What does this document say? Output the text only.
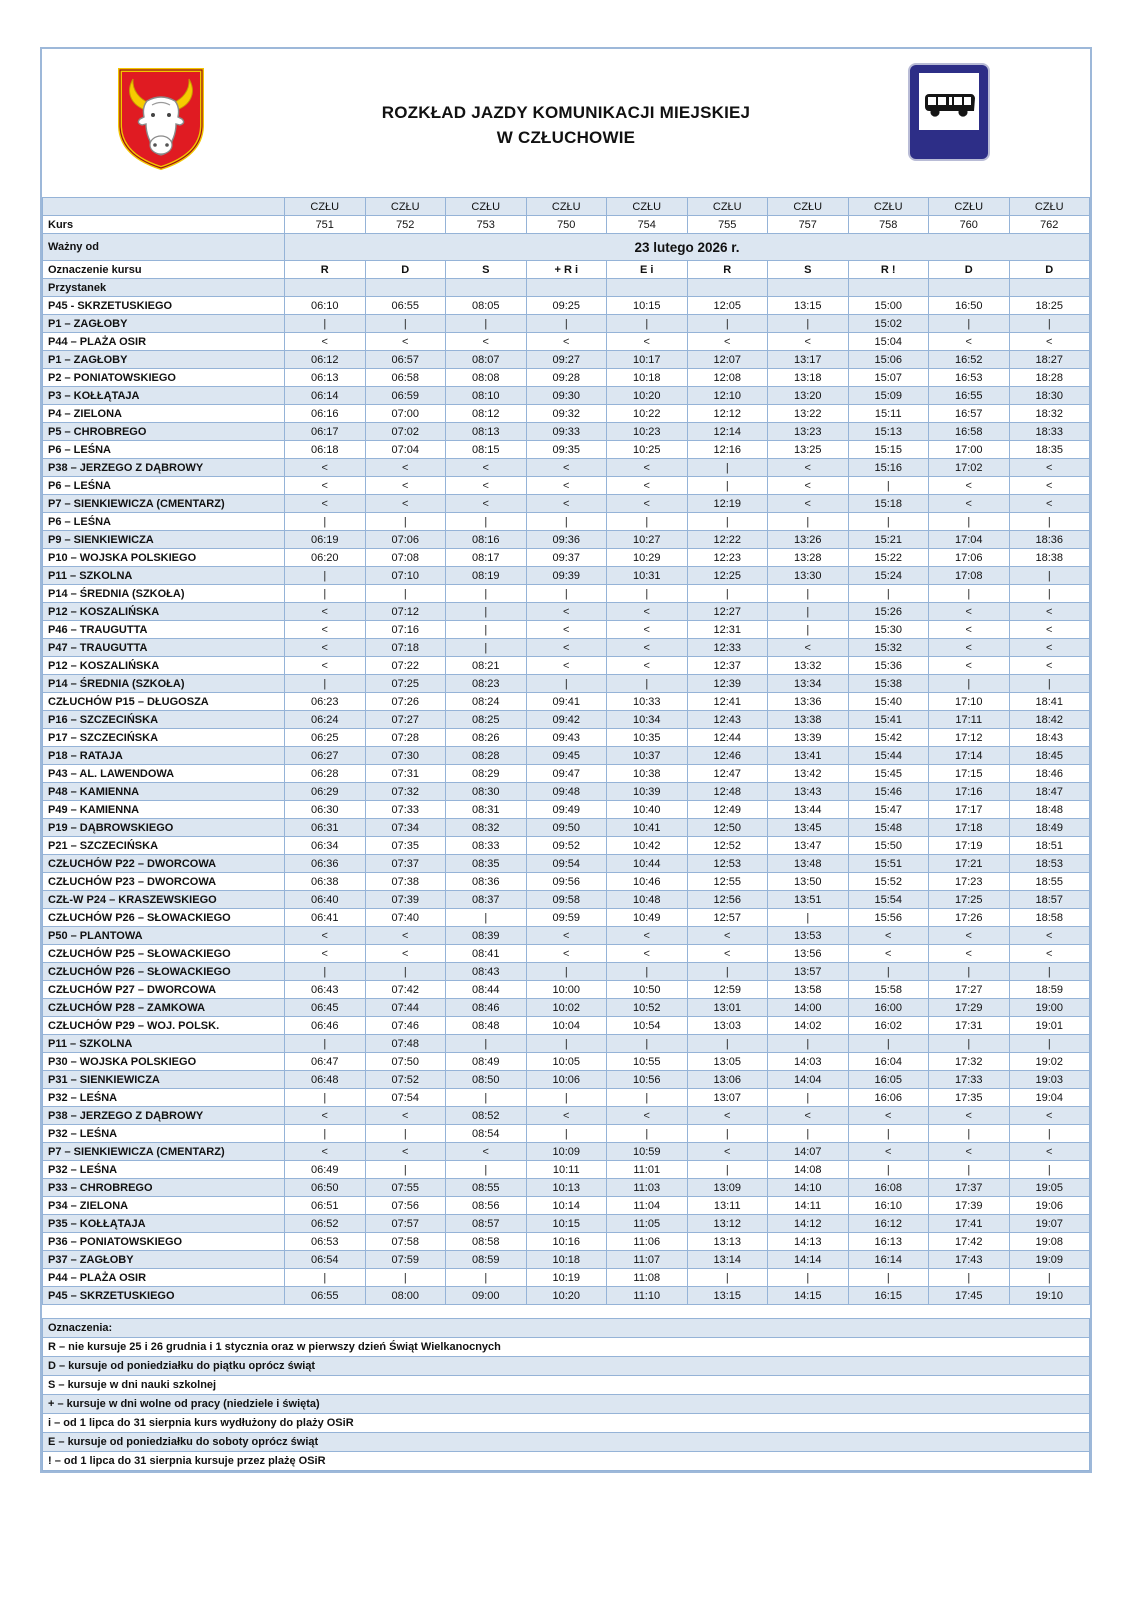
ROZKŁAD JAZDY KOMUNIKACJI MIEJSKIEJ
W CZŁUCHOWIE
	CZŁU	CZŁU	CZŁU	CZŁU	CZŁU	CZŁU	CZŁU	CZŁU	CZŁU	CZŁU
Kurs	751	752	753	750	754	755	757	758	760	762
Ważny od	23 lutego 2026 r.									
Oznaczenie kursu	R	D	S	+ R i	E i	R	S	R !	D	D
Przystanek										
P45 - SKRZETUSKIEGO	06:10	06:55	08:05	09:25	10:15	12:05	13:15	15:00	16:50	18:25
P1 – ZAGŁOBY	|	|	|	|	|	|	|	15:02	|	|
P44 – PLAŻA OSIR	<	<	<	<	<	<	<	15:04	<	<
P1 – ZAGŁOBY	06:12	06:57	08:07	09:27	10:17	12:07	13:17	15:06	16:52	18:27
P2 – PONIATOWSKIEGO	06:13	06:58	08:08	09:28	10:18	12:08	13:18	15:07	16:53	18:28
P3 – KOŁŁĄTAJA	06:14	06:59	08:10	09:30	10:20	12:10	13:20	15:09	16:55	18:30
P4 – ZIELONA	06:16	07:00	08:12	09:32	10:22	12:12	13:22	15:11	16:57	18:32
P5 – CHROBREGO	06:17	07:02	08:13	09:33	10:23	12:14	13:23	15:13	16:58	18:33
P6 – LEŚNA	06:18	07:04	08:15	09:35	10:25	12:16	13:25	15:15	17:00	18:35
P38 – JERZEGO Z DĄBROWY	<	<	<	<	<	|	<	15:16	17:02	<
P6 – LEŚNA	<	<	<	<	<	|	<	|	<	<
P7 – SIENKIEWICZA (CMENTARZ)	<	<	<	<	<	12:19	<	15:18	<	<
P6 – LEŚNA	|	|	|	|	|	|	|	|	|	|
P9 – SIENKIEWICZA	06:19	07:06	08:16	09:36	10:27	12:22	13:26	15:21	17:04	18:36
P10 – WOJSKA POLSKIEGO	06:20	07:08	08:17	09:37	10:29	12:23	13:28	15:22	17:06	18:38
P11 – SZKOLNA	|	07:10	08:19	09:39	10:31	12:25	13:30	15:24	17:08	|
P14 – ŚREDNIA (SZKOŁA)	|	|	|	|	|	|	|	|	|	|
P12 – KOSZALIŃSKA	<	07:12	|	<	<	12:27	|	15:26	<	<
P46 – TRAUGUTTA	<	07:16	|	<	<	12:31	|	15:30	<	<
P47 – TRAUGUTTA	<	07:18	|	<	<	12:33	<	15:32	<	<
P12 – KOSZALIŃSKA	<	07:22	08:21	<	<	12:37	13:32	15:36	<	<
P14 – ŚREDNIA (SZKOŁA)	|	07:25	08:23	|	|	12:39	13:34	15:38	|	|
CZŁUCHÓW P15 – DŁUGOSZA	06:23	07:26	08:24	09:41	10:33	12:41	13:36	15:40	17:10	18:41
P16 – SZCZECIŃSKA	06:24	07:27	08:25	09:42	10:34	12:43	13:38	15:41	17:11	18:42
P17 – SZCZECIŃSKA	06:25	07:28	08:26	09:43	10:35	12:44	13:39	15:42	17:12	18:43
P18 – RATAJA	06:27	07:30	08:28	09:45	10:37	12:46	13:41	15:44	17:14	18:45
P43 – AL. LAWENDOWA	06:28	07:31	08:29	09:47	10:38	12:47	13:42	15:45	17:15	18:46
P48 – KAMIENNA	06:29	07:32	08:30	09:48	10:39	12:48	13:43	15:46	17:16	18:47
P49 – KAMIENNA	06:30	07:33	08:31	09:49	10:40	12:49	13:44	15:47	17:17	18:48
P19 – DĄBROWSKIEGO	06:31	07:34	08:32	09:50	10:41	12:50	13:45	15:48	17:18	18:49
P21 – SZCZECIŃSKA	06:34	07:35	08:33	09:52	10:42	12:52	13:47	15:50	17:19	18:51
CZŁUCHÓW P22 – DWORCOWA	06:36	07:37	08:35	09:54	10:44	12:53	13:48	15:51	17:21	18:53
CZŁUCHÓW P23 – DWORCOWA	06:38	07:38	08:36	09:56	10:46	12:55	13:50	15:52	17:23	18:55
CZŁ-W P24 – KRASZEWSKIEGO	06:40	07:39	08:37	09:58	10:48	12:56	13:51	15:54	17:25	18:57
CZŁUCHÓW P26 – SŁOWACKIEGO	06:41	07:40	|	09:59	10:49	12:57	|	15:56	17:26	18:58
P50 – PLANTOWA	<	<	08:39	<	<	<	13:53	<	<	<
CZŁUCHÓW P25 – SŁOWACKIEGO	<	<	08:41	<	<	<	13:56	<	<	<
CZŁUCHÓW P26 – SŁOWACKIEGO	|	|	08:43	|	|	|	13:57	|	|	|
CZŁUCHÓW P27 – DWORCOWA	06:43	07:42	08:44	10:00	10:50	12:59	13:58	15:58	17:27	18:59
CZŁUCHÓW P28 – ZAMKOWA	06:45	07:44	08:46	10:02	10:52	13:01	14:00	16:00	17:29	19:00
CZŁUCHÓW P29 – WOJ. POLSK.	06:46	07:46	08:48	10:04	10:54	13:03	14:02	16:02	17:31	19:01
P11 – SZKOLNA	|	07:48	|	|	|	|	|	|	|	|
P30 – WOJSKA POLSKIEGO	06:47	07:50	08:49	10:05	10:55	13:05	14:03	16:04	17:32	19:02
P31 – SIENKIEWICZA	06:48	07:52	08:50	10:06	10:56	13:06	14:04	16:05	17:33	19:03
P32 – LEŚNA	|	07:54	|	|	|	13:07	|	16:06	17:35	19:04
P38 – JERZEGO Z DĄBROWY	<	<	08:52	<	<	<	<	<	<	<
P32 – LEŚNA	|	|	08:54	|	|	|	|	|	|	|
P7 – SIENKIEWICZA (CMENTARZ)	<	<	<	10:09	10:59	<	14:07	<	<	<
P32 – LEŚNA	06:49	|	|	10:11	11:01	|	14:08	|	|	|
P33 – CHROBREGO	06:50	07:55	08:55	10:13	11:03	13:09	14:10	16:08	17:37	19:05
P34 – ZIELONA	06:51	07:56	08:56	10:14	11:04	13:11	14:11	16:10	17:39	19:06
P35 – KOŁŁĄTAJA	06:52	07:57	08:57	10:15	11:05	13:12	14:12	16:12	17:41	19:07
P36 – PONIATOWSKIEGO	06:53	07:58	08:58	10:16	11:06	13:13	14:13	16:13	17:42	19:08
P37 – ZAGŁOBY	06:54	07:59	08:59	10:18	11:07	13:14	14:14	16:14	17:43	19:09
P44 – PLAŻA OSIR	|	|	|	10:19	11:08	|	|	|	|	|
P45 – SKRZETUSKIEGO	06:55	08:00	09:00	10:20	11:10	13:15	14:15	16:15	17:45	19:10
Oznaczenia:
R – nie kursuje 25 i 26 grudnia i 1 stycznia oraz w pierwszy dzień Świąt Wielkanocnych
D – kursuje od poniedziałku do piątku oprócz świąt
S – kursuje w dni nauki szkolnej
+ – kursuje w dni wolne od pracy (niedziele i święta)
i – od 1 lipca do 31 sierpnia kurs wydłużony do plaży OSiR
E – kursuje od poniedziałku do soboty oprócz świąt
! – od 1 lipca do 31 sierpnia kursuje przez plażę OSiR
